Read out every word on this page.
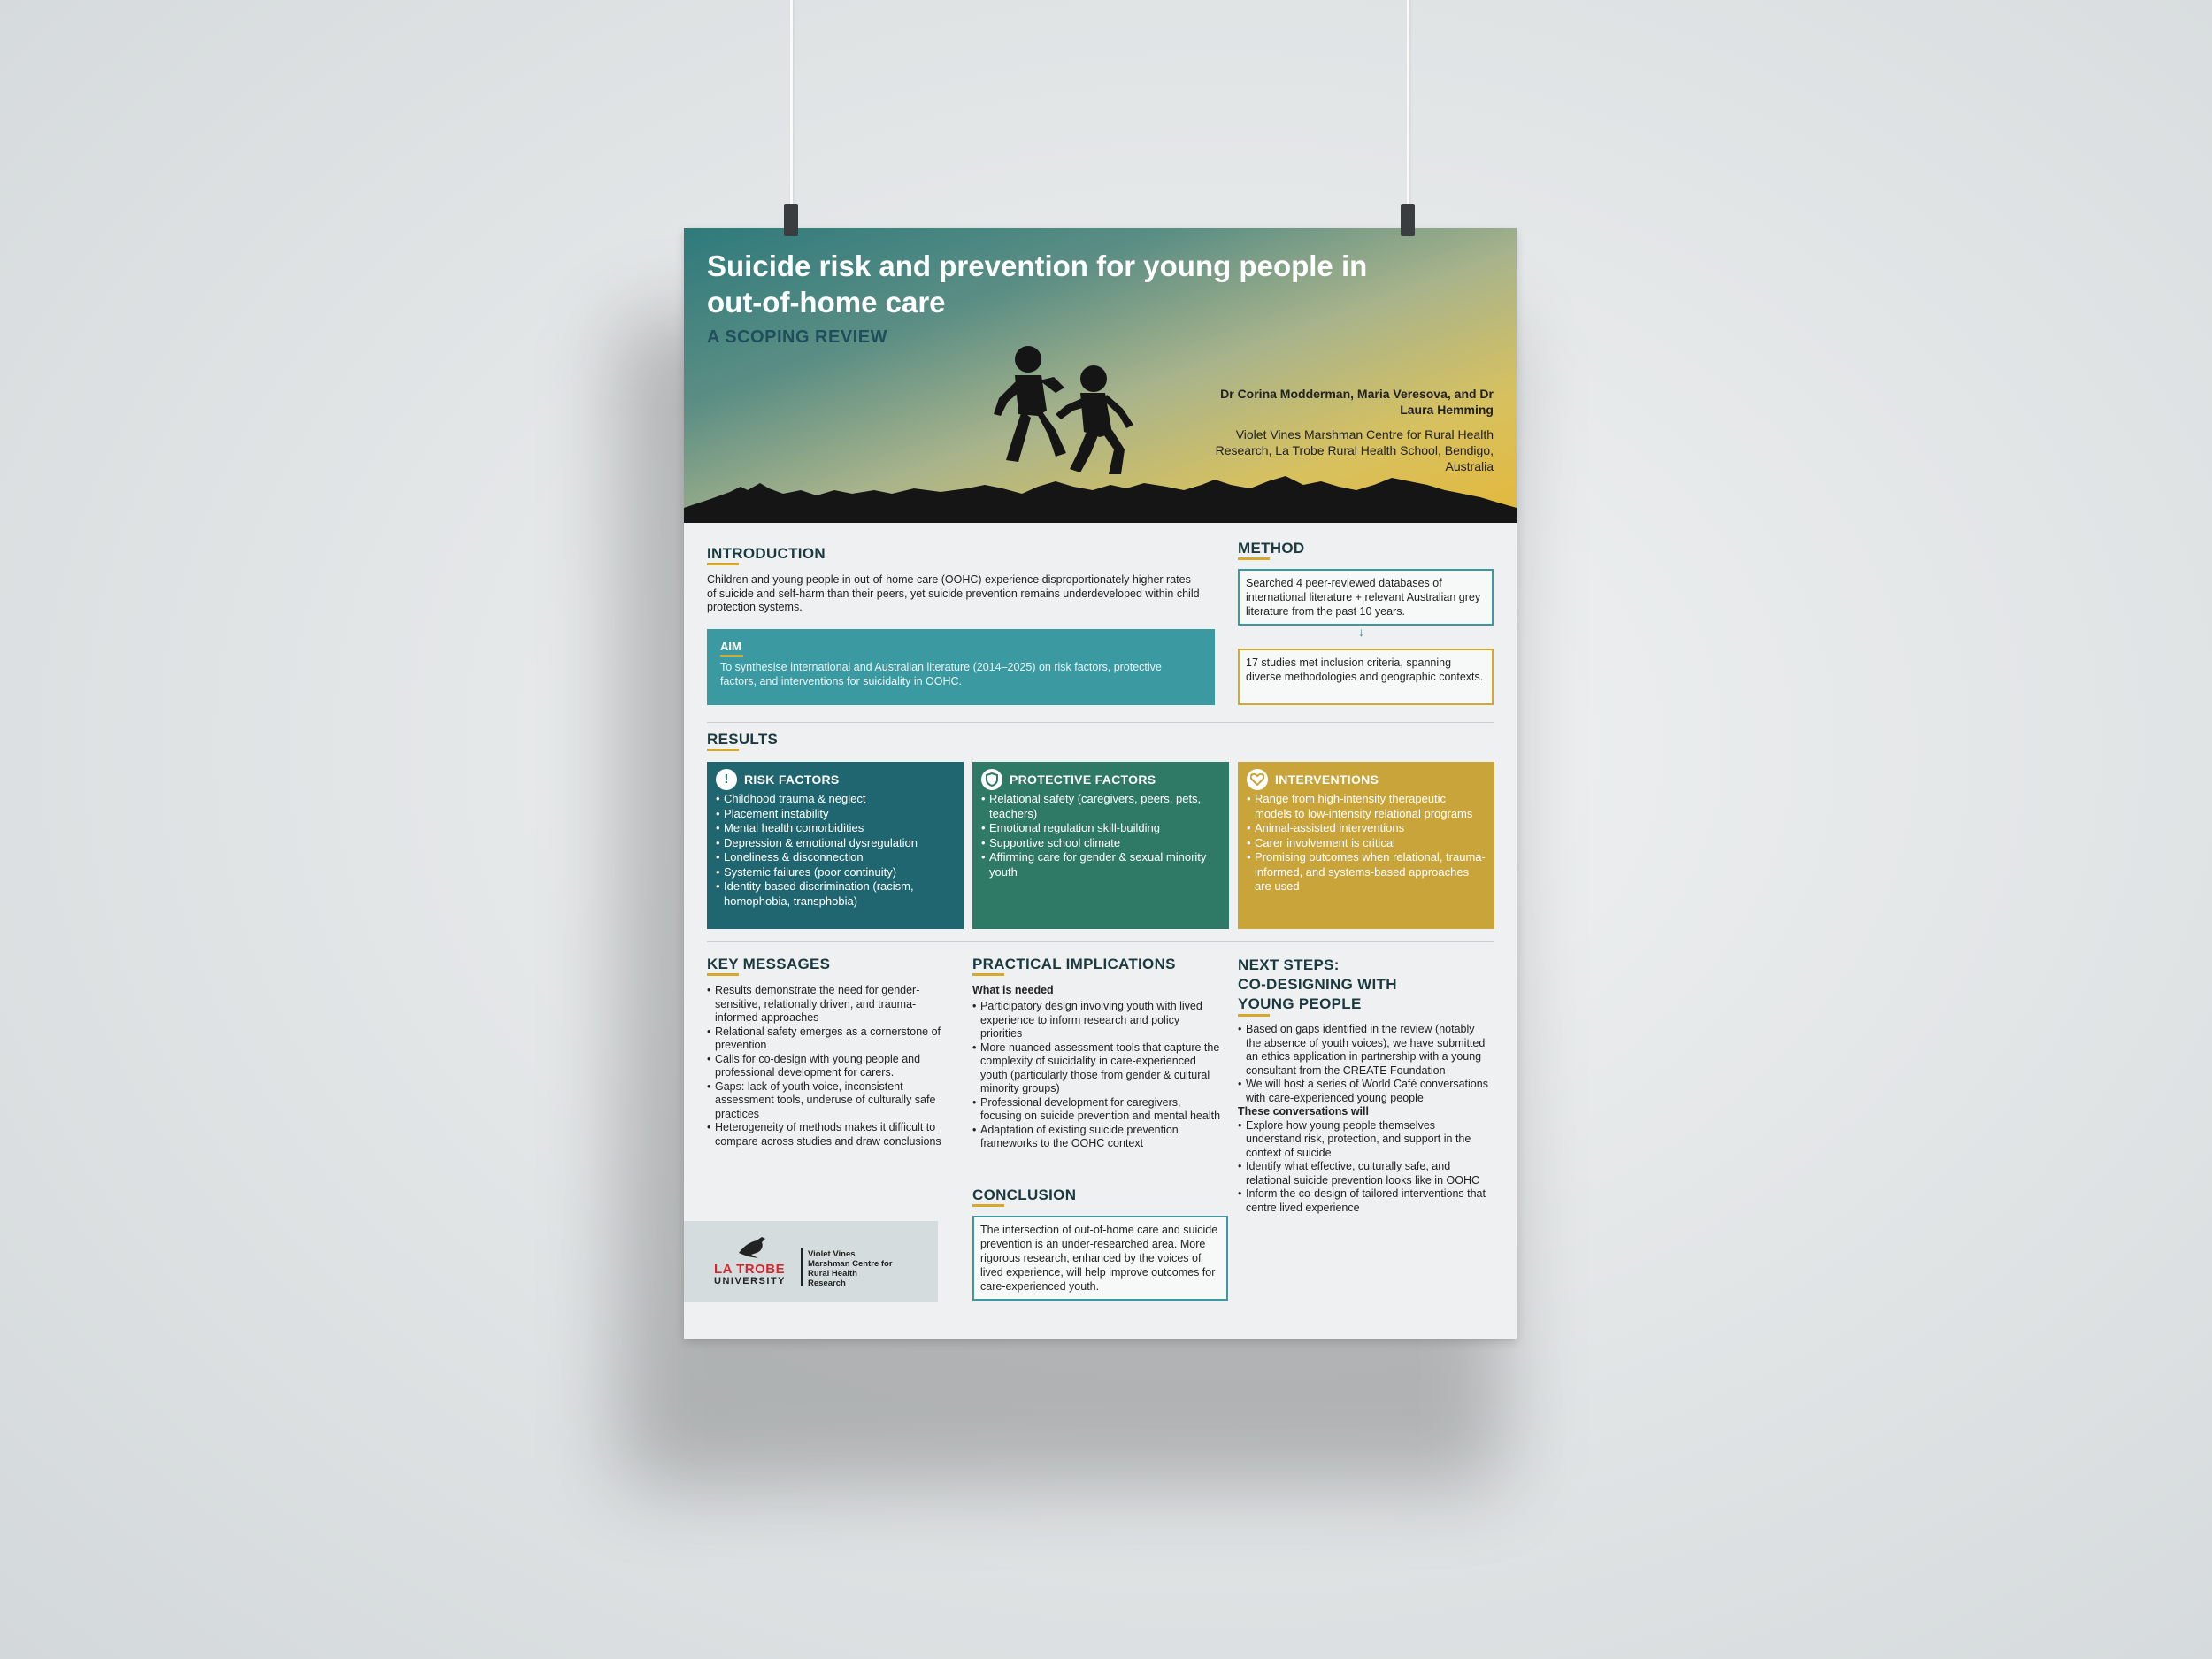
Suicide risk and prevention for young people in out-of-home care
A SCOPING REVIEW
Dr Corina Modderman, Maria Veresova, and Dr Laura Hemming
Violet Vines Marshman Centre for Rural Health Research, La Trobe Rural Health School, Bendigo, Australia
INTRODUCTION
Children and young people in out-of-home care (OOHC) experience disproportionately higher rates of suicide and self-harm than their peers, yet suicide prevention remains underdeveloped within child protection systems.
AIM
To synthesise international and Australian literature (2014–2025) on risk factors, protective factors, and interventions for suicidality in OOHC.
METHOD
Searched 4 peer-reviewed databases of international literature + relevant Australian grey literature from the past 10 years.
↓
17 studies met inclusion criteria, spanning diverse methodologies and geographic contexts.
RESULTS
!	RISK FACTORS
• Childhood trauma & neglect
• Placement instability
• Mental health comorbidities
• Depression & emotional dysregulation
• Loneliness & disconnection
• Systemic failures (poor continuity)
• Identity-based discrimination (racism, homophobia, transphobia)
PROTECTIVE FACTORS
• Relational safety (caregivers, peers, pets, teachers)
• Emotional regulation skill-building
• Supportive school climate
• Affirming care for gender & sexual minority youth
INTERVENTIONS
• Range from high-intensity therapeutic models to low-intensity relational programs
• Animal-assisted interventions
• Carer involvement is critical
• Promising outcomes when relational, trauma-informed, and systems-based approaches are used
KEY MESSAGES
• Results demonstrate the need for gender-sensitive, relationally driven, and trauma-informed approaches
• Relational safety emerges as a cornerstone of prevention
• Calls for co-design with young people and professional development for carers.
• Gaps: lack of youth voice, inconsistent assessment tools, underuse of culturally safe practices
• Heterogeneity of methods makes it difficult to compare across studies and draw conclusions
PRACTICAL IMPLICATIONS
What is needed
• Participatory design involving youth with lived experience to inform research and policy priorities
• More nuanced assessment tools that capture the complexity of suicidality in care-experienced youth (particularly those from gender & cultural minority groups)
• Professional development for caregivers, focusing on suicide prevention and mental health
• Adaptation of existing suicide prevention frameworks to the OOHC context
CONCLUSION
The intersection of out-of-home care and suicide prevention is an under-researched area. More rigorous research, enhanced by the voices of lived experience, will help improve outcomes for care-experienced youth.
NEXT STEPS:
CO-DESIGNING WITH
YOUNG PEOPLE
• Based on gaps identified in the review (notably the absence of youth voices), we have submitted an ethics application in partnership with a young consultant from the CREATE Foundation
• We will host a series of World Café conversations with care-experienced young people
These conversations will
• Explore how young people themselves understand risk, protection, and support in the context of suicide
• Identify what effective, culturally safe, and relational suicide prevention looks like in OOHC
• Inform the co-design of tailored interventions that centre lived experience
LA TROBE
UNIVERSITY
Violet Vines Marshman Centre for Rural Health Research
